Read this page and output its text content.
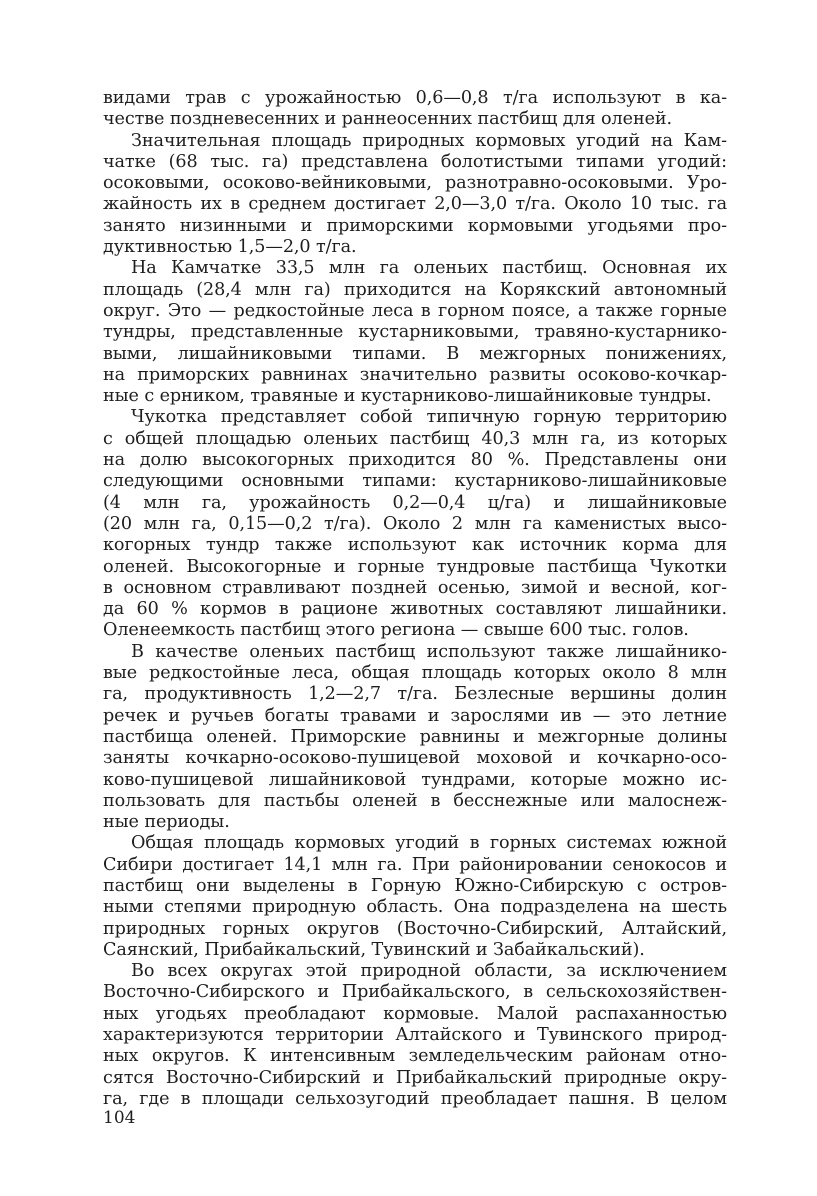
видами трав с урожайностью 0,6—0,8 т/га используют в ка-
честве поздневесенних и раннеосенних пастбищ для оленей.
Значительная площадь природных кормовых угодий на Кам-
чатке (68 тыс. га) представлена болотистыми типами угодий:
осоковыми, осоково-вейниковыми, разнотравно-осоковыми. Уро-
жайность их в среднем достигает 2,0—3,0 т/га. Около 10 тыс. га
занято низинными и приморскими кормовыми угодьями про-
дуктивностью 1,5—2,0 т/га.
На Камчатке 33,5 млн га оленьих пастбищ. Основная их
площадь (28,4 млн га) приходится на Корякский автономный
округ. Это — редкостойные леса в горном поясе, а также горные
тундры, представленные кустарниковыми, травяно-кустарнико-
выми, лишайниковыми типами. В межгорных понижениях,
на приморских равнинах значительно развиты осоково-кочкар-
ные с ерником, травяные и кустарниково-лишайниковые тундры.
Чукотка представляет собой типичную горную территорию
с общей площадью оленьих пастбищ 40,3 млн га, из которых
на долю высокогорных приходится 80 %. Представлены они
следующими основными типами: кустарниково-лишайниковые
(4 млн га, урожайность 0,2—0,4 ц/га) и лишайниковые
(20 млн га, 0,15—0,2 т/га). Около 2 млн га каменистых высо-
когорных тундр также используют как источник корма для
оленей. Высокогорные и горные тундровые пастбища Чукотки
в основном стравливают поздней осенью, зимой и весной, ког-
да 60 % кормов в рационе животных составляют лишайники.
Оленеемкость пастбищ этого региона — свыше 600 тыс. голов.
В качестве оленьих пастбищ используют также лишайнико-
вые редкостойные леса, общая площадь которых около 8 млн
га, продуктивность 1,2—2,7 т/га. Безлесные вершины долин
речек и ручьев богаты травами и зарослями ив — это летние
пастбища оленей. Приморские равнины и межгорные долины
заняты кочкарно-осоково-пушицевой моховой и кочкарно-осо-
ково-пушицевой лишайниковой тундрами, которые можно ис-
пользовать для пастьбы оленей в бесснежные или малоснеж-
ные периоды.
Общая площадь кормовых угодий в горных системах южной
Сибири достигает 14,1 млн га. При районировании сенокосов и
пастбищ они выделены в Горную Южно-Сибирскую с остров-
ными степями природную область. Она подразделена на шесть
природных горных округов (Восточно-Сибирский, Алтайский,
Саянский, Прибайкальский, Тувинский и Забайкальский).
Во всех округах этой природной области, за исключением
Восточно-Сибирского и Прибайкальского, в сельскохозяйствен-
ных угодьях преобладают кормовые. Малой распаханностью
характеризуются территории Алтайского и Тувинского природ-
ных округов. К интенсивным земледельческим районам отно-
сятся Восточно-Сибирский и Прибайкальский природные окру-
га, где в площади сельхозугодий преобладает пашня. В целом
104
